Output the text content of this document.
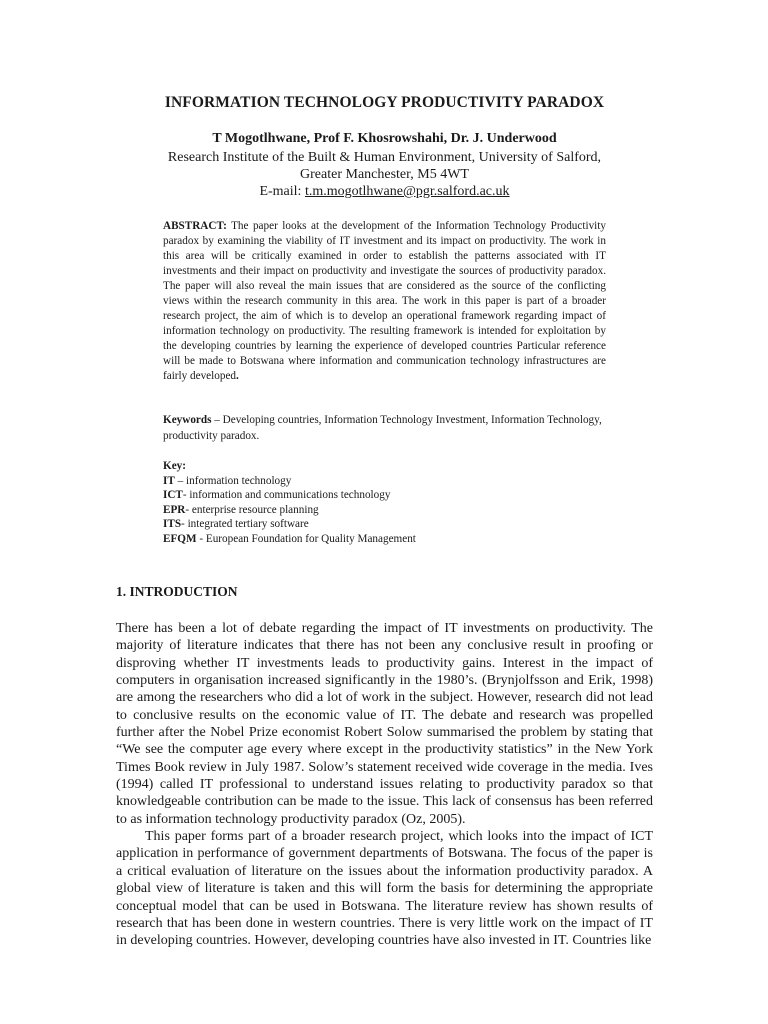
INFORMATION TECHNOLOGY PRODUCTIVITY PARADOX
T Mogotlhwane, Prof F. Khosrowshahi, Dr. J. Underwood
Research Institute of the Built & Human Environment, University of Salford,
Greater Manchester, M5 4WT
E-mail: t.m.mogotlhwane@pgr.salford.ac.uk

ABSTRACT: The paper looks at the development of the Information Technology Productivity paradox by examining the viability of IT investment and its impact on productivity. The work in this area will be critically examined in order to establish the patterns associated with IT investments and their impact on productivity and investigate the sources of productivity paradox. The paper will also reveal the main issues that are considered as the source of the conflicting views within the research community in this area. The work in this paper is part of a broader research project, the aim of which is to develop an operational framework regarding impact of information technology on productivity. The resulting framework is intended for exploitation by the developing countries by learning the experience of developed countries Particular reference will be made to Botswana where information and communication technology infrastructures are fairly developed.

Keywords – Developing countries, Information Technology Investment, Information Technology, productivity paradox.

Key:
IT – information technology
ICT- information and communications technology
EPR- enterprise resource planning
ITS- integrated tertiary software
EFQM - European Foundation for Quality Management
1. INTRODUCTION

There has been a lot of debate regarding the impact of IT investments on productivity. The majority of literature indicates that there has not been any conclusive result in proofing or disproving whether IT investments leads to productivity gains. Interest in the impact of computers in organisation increased significantly in the 1980’s. (Brynjolfsson and Erik, 1998) are among the researchers who did a lot of work in the subject. However, research did not lead to conclusive results on the economic value of IT. The debate and research was propelled further after the Nobel Prize economist Robert Solow summarised the problem by stating that “We see the computer age every where except in the productivity statistics” in the New York Times Book review in July 1987. Solow’s statement received wide coverage in the media. Ives (1994) called IT professional to understand issues relating to productivity paradox so that knowledgeable contribution can be made to the issue. This lack of consensus has been referred to as information technology productivity paradox (Oz, 2005).

This paper forms part of a broader research project, which looks into the impact of ICT application in performance of government departments of Botswana. The focus of the paper is a critical evaluation of literature on the issues about the information productivity paradox. A global view of literature is taken and this will form the basis for determining the appropriate conceptual model that can be used in Botswana. The literature review has shown results of research that has been done in western countries. There is very little work on the impact of IT in developing countries. However, developing countries have also invested in IT. Countries like
